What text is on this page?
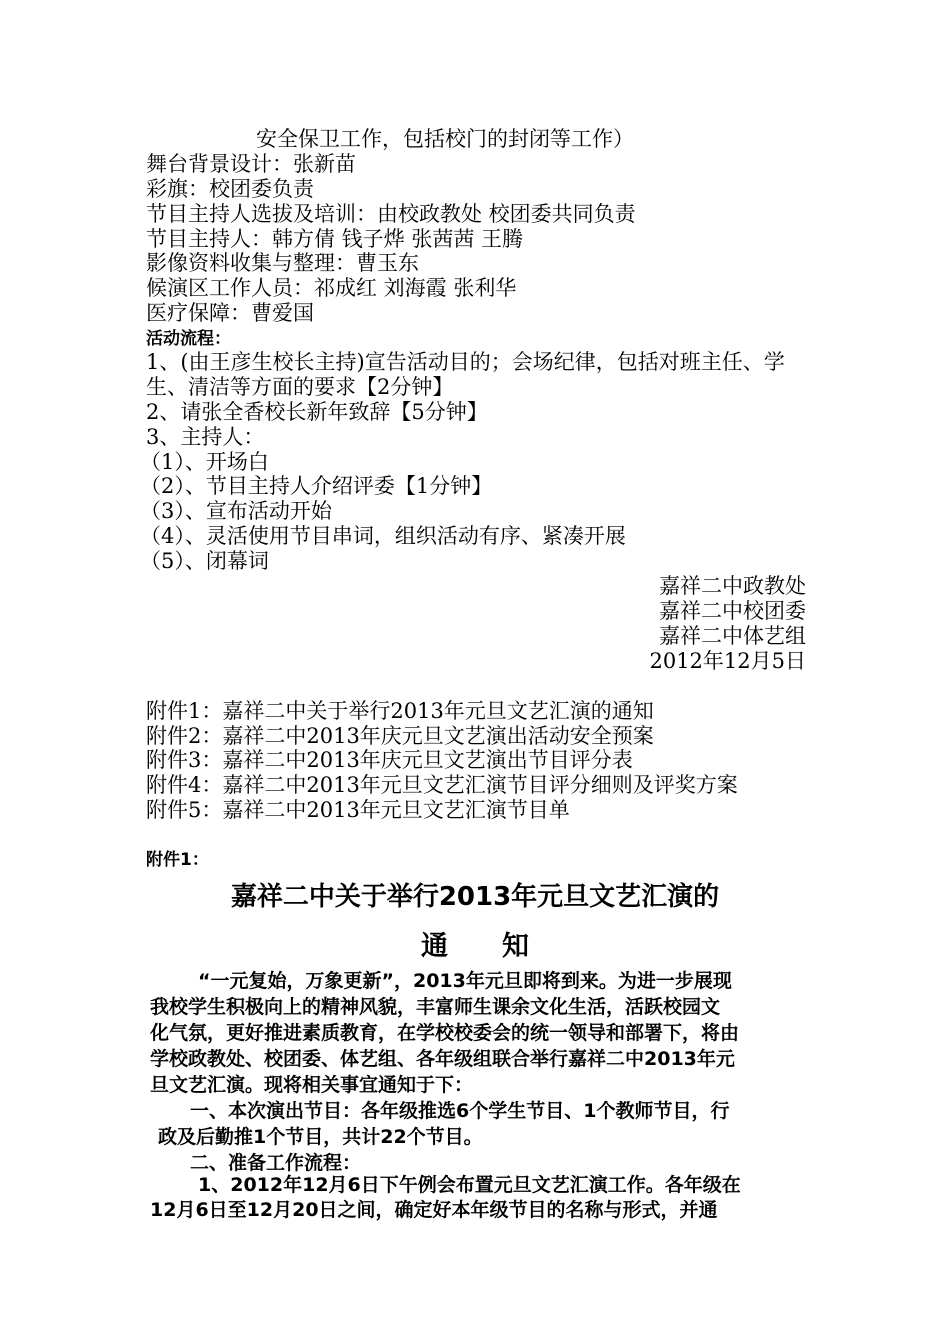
安全保卫工作，包括校门的封闭等工作）
舞台背景设计：张新苗
彩旗：校团委负责
节目主持人选拔及培训：由校政教处 校团委共同负责
节目主持人：韩方倩 钱子烨 张茜茜 王腾
影像资料收集与整理：曹玉东
候演区工作人员：祁成红 刘海霞 张利华
医疗保障：曹爱国
活动流程：
1、(由王彦生校长主持)宣告活动目的；会场纪律，包括对班主任、学
生、清洁等方面的要求【2分钟】
2、请张全香校长新年致辞【5分钟】
3、主持人：
（1）、开场白
（2）、节目主持人介绍评委【1分钟】
（3）、宣布活动开始
（4）、灵活使用节目串词，组织活动有序、紧凑开展
（5）、闭幕词
嘉祥二中政教处
嘉祥二中校团委
嘉祥二中体艺组
2012年12月5日
附件1：嘉祥二中关于举行2013年元旦文艺汇演的通知
附件2：嘉祥二中2013年庆元旦文艺演出活动安全预案
附件3：嘉祥二中2013年庆元旦文艺演出节目评分表
附件4：嘉祥二中2013年元旦文艺汇演节目评分细则及评奖方案
附件5：嘉祥二中2013年元旦文艺汇演节目单
附件1：
嘉祥二中关于举行2013年元旦文艺汇演的
通　　知
“一元复始，万象更新”，2013年元旦即将到来。为进一步展现
我校学生积极向上的精神风貌，丰富师生课余文化生活，活跃校园文
化气氛，更好推进素质教育，在学校校委会的统一领导和部署下，将由
学校政教处、校团委、体艺组、各年级组联合举行嘉祥二中2013年元
旦文艺汇演。现将相关事宜通知于下：
一、本次演出节目：各年级推选6个学生节目、1个教师节目，行
政及后勤推1个节目，共计22个节目。
二、准备工作流程：
1、2012年12月6日下午例会布置元旦文艺汇演工作。各年级在
12月6日至12月20日之间，确定好本年级节目的名称与形式，并通
